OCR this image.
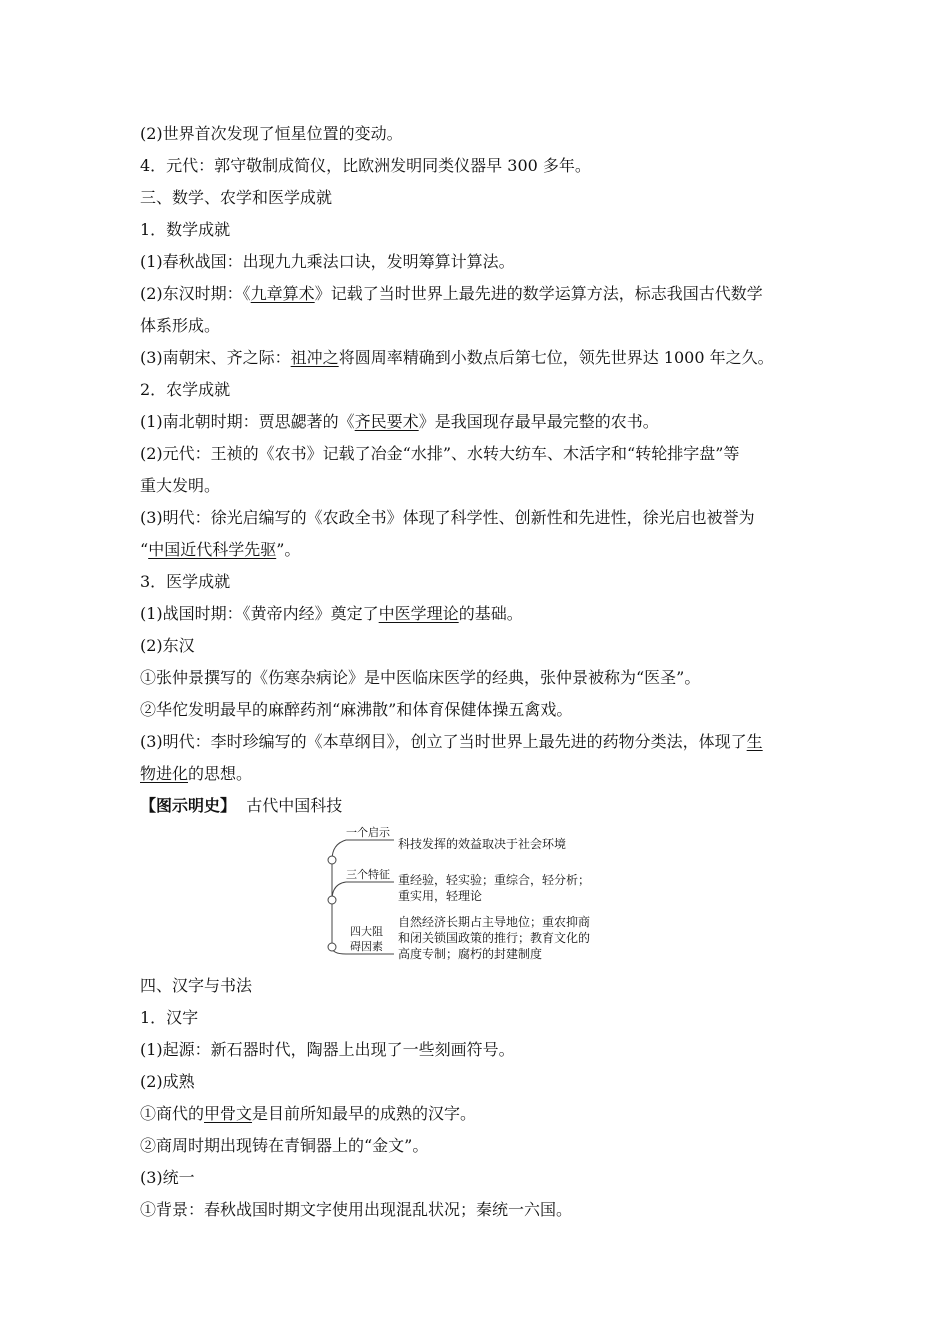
(2)世界首次发现了恒星位置的变动。
4．元代：郭守敬制成简仪，比欧洲发明同类仪器早 300 多年。
三、数学、农学和医学成就
1．数学成就
(1)春秋战国：出现九九乘法口诀，发明筹算计算法。
(2)东汉时期：《九章算术》记载了当时世界上最先进的数学运算方法，标志我国古代数学
体系形成。
(3)南朝宋、齐之际：祖冲之将圆周率精确到小数点后第七位，领先世界达 1000 年之久。
2．农学成就
(1)南北朝时期：贾思勰著的《齐民要术》是我国现存最早最完整的农书。
(2)元代：王祯的《农书》记载了冶金“水排”、水转大纺车、木活字和“转轮排字盘”等
重大发明。
(3)明代：徐光启编写的《农政全书》体现了科学性、创新性和先进性，徐光启也被誉为
“中国近代科学先驱”。
3．医学成就
(1)战国时期：《黄帝内经》奠定了中医学理论的基础。
(2)东汉
①张仲景撰写的《伤寒杂病论》是中医临床医学的经典，张仲景被称为“医圣”。
②华佗发明最早的麻醉药剂“麻沸散”和体育保健体操五禽戏。
(3)明代：李时珍编写的《本草纲目》，创立了当时世界上最先进的药物分类法，体现了生
物进化的思想。
【图示明史】 古代中国科技
一个启示
三个特征
四大阻
碍因素
科技发挥的效益取决于社会环境
重经验，轻实验；重综合，轻分析；
重实用，轻理论
自然经济长期占主导地位；重农抑商
和闭关锁国政策的推行；教育文化的
高度专制；腐朽的封建制度
四、汉字与书法
1．汉字
(1)起源：新石器时代，陶器上出现了一些刻画符号。
(2)成熟
①商代的甲骨文是目前所知最早的成熟的汉字。
②商周时期出现铸在青铜器上的“金文”。
(3)统一
①背景：春秋战国时期文字使用出现混乱状况；秦统一六国。
